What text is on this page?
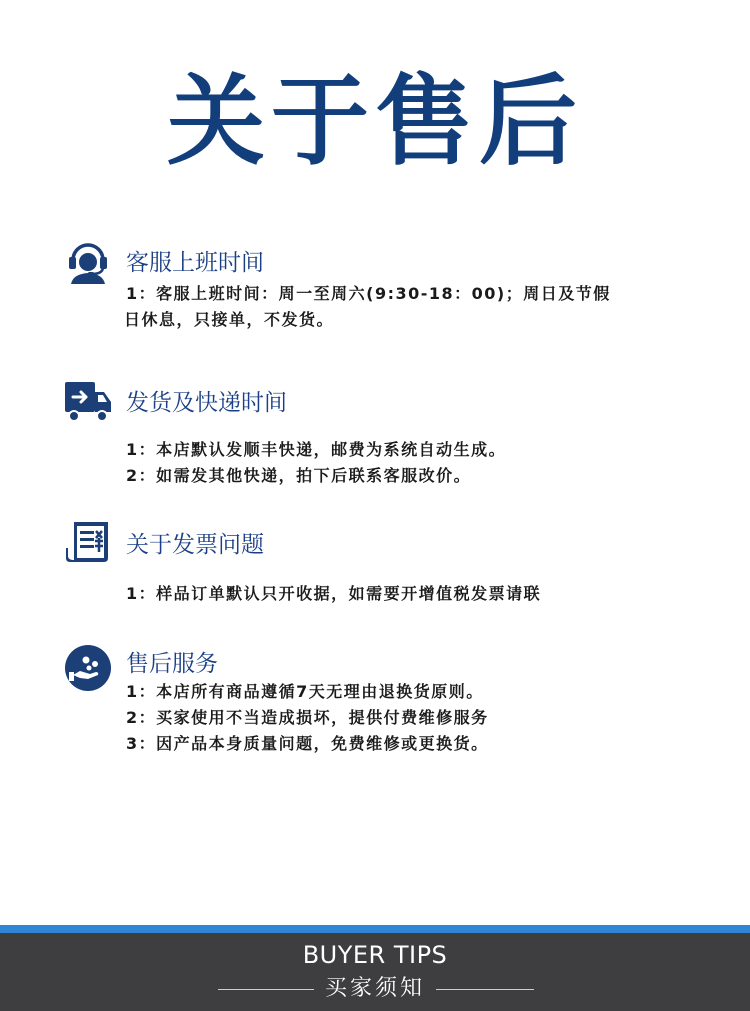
关于售后
客服上班时间
1：客服上班时间：周一至周六(9:30-18：00)；周日及节假
日休息，只接单，不发货。
发货及快递时间
1：本店默认发顺丰快递，邮费为系统自动生成。
2：如需发其他快递，拍下后联系客服改价。
关于发票问题
1：样品订单默认只开收据，如需要开增值税发票请联
售后服务
1：本店所有商品遵循7天无理由退换货原则。
2：买家使用不当造成损坏，提供付费维修服务
3：因产品本身质量问题，免费维修或更换货。
BUYER TIPS
买家须知
